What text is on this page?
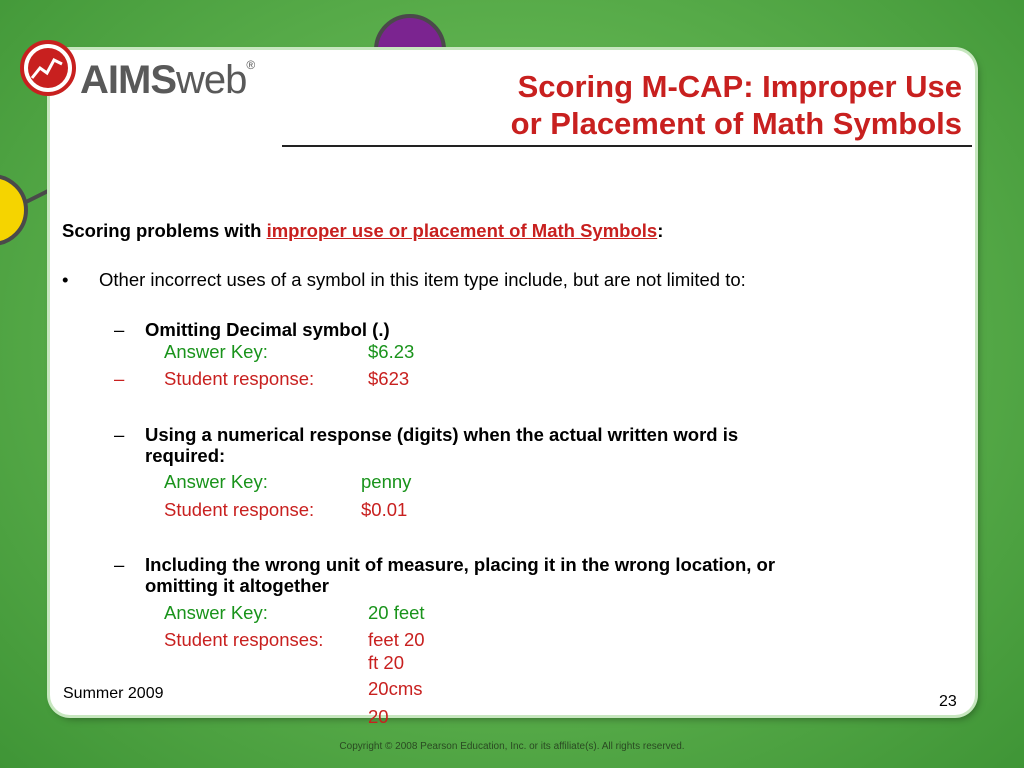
AIMSweb®
Scoring M-CAP: Improper Use
or Placement of Math Symbols
Scoring problems with improper use or placement of Math Symbols:
• Other incorrect uses of a symbol in this item type include, but are not limited to:
– Omitting Decimal symbol (.)
Answer Key:	$6.23
– Student response:	$623
– Using a numerical response (digits) when the actual written word is
required:
Answer Key:	penny
Student response:	$0.01
– Including the wrong unit of measure, placing it in the wrong location, or
omitting it altogether
Answer Key:	20 feet
Student responses: feet 20
ft 20
20cms
20
Summer 2009	23
Copyright © 2008 Pearson Education, Inc. or its affiliate(s). All rights reserved.
